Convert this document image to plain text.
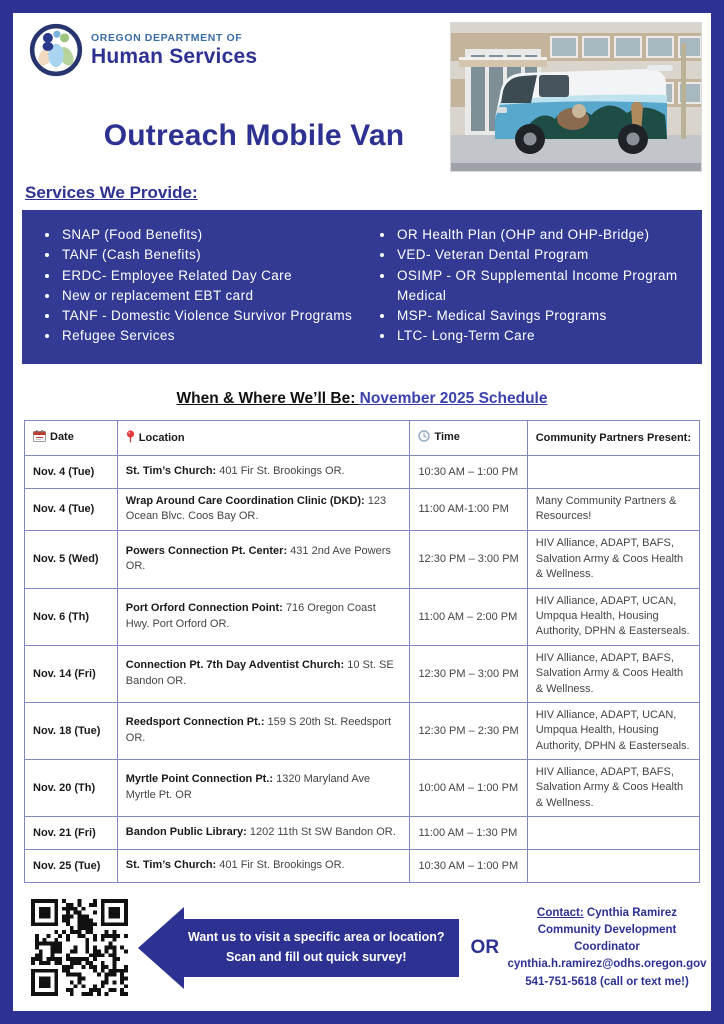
OREGON DEPARTMENT OF
Human Services
Outreach Mobile Van
Services We Provide:
• SNAP (Food Benefits)
• TANF (Cash Benefits)
• ERDC- Employee Related Day Care
• New or replacement EBT card
• TANF - Domestic Violence Survivor Programs
• Refugee Services
• OR Health Plan (OHP and OHP-Bridge)
• VED- Veteran Dental Program
• OSIMP - OR Supplemental Income Program Medical
• MSP- Medical Savings Programs
• LTC- Long-Term Care
When & Where We’ll Be: November 2025 Schedule
Date	Location	Time	Community Partners Present:
Nov. 4 (Tue)	St. Tim’s Church: 401 Fir St. Brookings OR.	10:30 AM – 1:00 PM	
Nov. 4 (Tue)	Wrap Around Care Coordination Clinic (DKD): 123 Ocean Blvc. Coos Bay OR.	11:00 AM-1:00 PM	Many Community Partners & Resources!
Nov. 5 (Wed)	Powers Connection Pt. Center: 431 2nd Ave Powers OR.	12:30 PM – 3:00 PM	HIV Alliance, ADAPT, BAFS, Salvation Army & Coos Health & Wellness.
Nov. 6 (Th)	Port Orford Connection Point: 716 Oregon Coast Hwy. Port Orford OR.	11:00 AM – 2:00 PM	HIV Alliance, ADAPT, UCAN, Umpqua Health, Housing Authority, DPHN & Easterseals.
Nov. 14 (Fri)	Connection Pt. 7th Day Adventist Church: 10 St. SE Bandon OR.	12:30 PM – 3:00 PM	HIV Alliance, ADAPT, BAFS, Salvation Army & Coos Health & Wellness.
Nov. 18 (Tue)	Reedsport Connection Pt.: 159 S 20th St. Reedsport OR.	12:30 PM – 2:30 PM	HIV Alliance, ADAPT, UCAN, Umpqua Health, Housing Authority, DPHN & Easterseals.
Nov. 20 (Th)	Myrtle Point Connection Pt.: 1320 Maryland Ave Myrtle Pt. OR	10:00 AM – 1:00 PM	HIV Alliance, ADAPT, BAFS, Salvation Army & Coos Health & Wellness.
Nov. 21 (Fri)	Bandon Public Library: 1202 11th St SW Bandon OR.	11:00 AM – 1:30 PM	
Nov. 25 (Tue)	St. Tim’s Church: 401 Fir St. Brookings OR.	10:30 AM – 1:00 PM	
Want us to visit a specific area or location?
Scan and fill out quick survey!	OR
Contact: Cynthia Ramirez
Community Development Coordinator
cynthia.h.ramirez@odhs.oregon.gov
541-751-5618 (call or text me!)
